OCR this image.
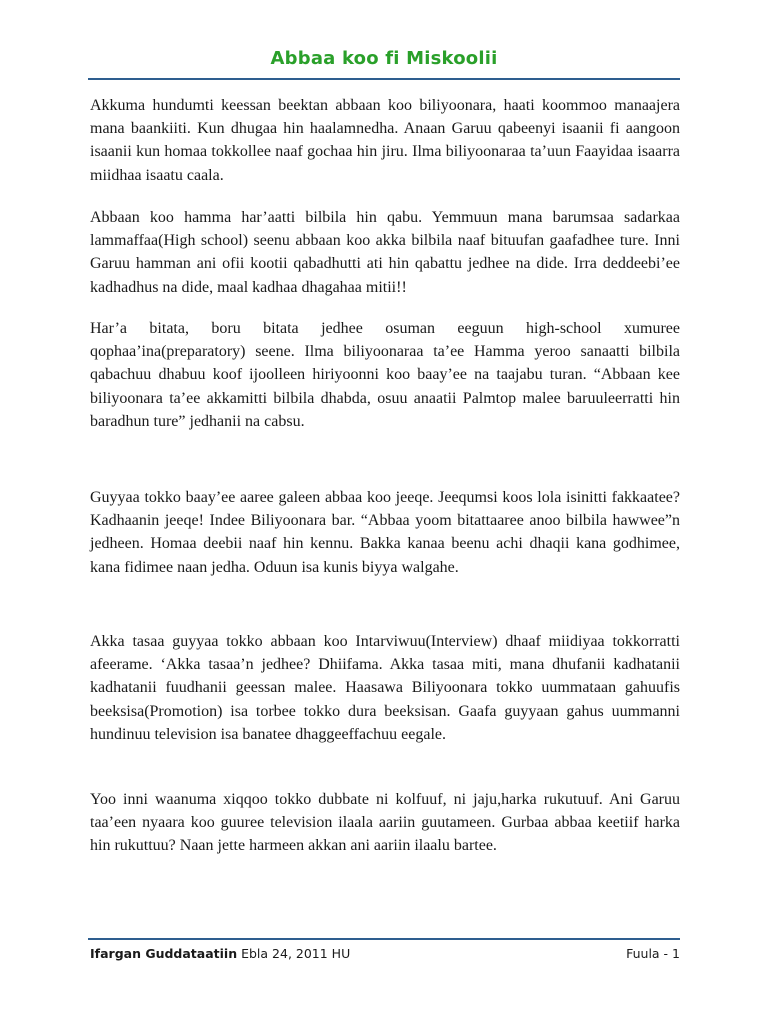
Abbaa koo fi Miskoolii

Akkuma hundumti keessan beektan abbaan koo biliyoonara, haati koommoo manaajera mana baankiiti. Kun dhugaa hin haalamnedha. Anaan Garuu qabeenyi isaanii fi aangoon isaanii kun homaa tokkollee naaf gochaa hin jiru. Ilma biliyoonaraa ta’uun Faayidaa isaarra miidhaa isaatu caala.

Abbaan koo hamma har’aatti bilbila hin qabu. Yemmuun mana barumsaa sadarkaa lammaffaa(High school) seenu abbaan koo akka bilbila naaf bituufan gaafadhee ture. Inni Garuu hamman ani ofii kootii qabadhutti ati hin qabattu jedhee na dide. Irra deddeebi’ee kadhadhus na dide, maal kadhaa dhagahaa mitii!!

Har’a bitata, boru bitata jedhee osuman eeguun high-school xumuree qophaa’ina(preparatory) seene. Ilma biliyoonaraa ta’ee Hamma yeroo sanaatti bilbila qabachuu dhabuu koof ijoolleen hiriyoonni koo baay’ee na taajabu turan. “Abbaan kee biliyoonara ta’ee akkamitti bilbila dhabda, osuu anaatii Palmtop malee baruuleerratti hin baradhun ture” jedhanii na cabsu.

Guyyaa tokko baay’ee aaree galeen abbaa koo jeeqe. Jeequmsi koos lola isinitti fakkaatee? Kadhaanin jeeqe! Indee Biliyoonara bar. “Abbaa yoom bitattaaree anoo bilbila hawwee”n jedheen. Homaa deebii naaf hin kennu. Bakka kanaa beenu achi dhaqii kana godhimee, kana fidimee naan jedha. Oduun isa kunis biyya walgahe.

Akka tasaa guyyaa tokko abbaan koo Intarviwuu(Interview) dhaaf miidiyaa tokkorratti afeerame. ‘Akka tasaa’n jedhee? Dhiifama. Akka tasaa miti, mana dhufanii kadhatanii kadhatanii fuudhanii geessan malee. Haasawa Biliyoonara tokko uummataan gahuufis beeksisa(Promotion) isa torbee tokko dura beeksisan. Gaafa guyyaan gahus uummanni hundinuu television isa banatee dhaggeeffachuu eegale.

Yoo inni waanuma xiqqoo tokko dubbate ni kolfuuf, ni jaju,harka rukutuuf. Ani Garuu taa’een nyaara koo guuree television ilaala aariin guutameen. Gurbaa abbaa keetiif harka hin rukuttuu? Naan jette harmeen akkan ani aariin ilaalu bartee.

Ifargan Guddataatiin Ebla 24, 2011 HU	Fuula - 1
